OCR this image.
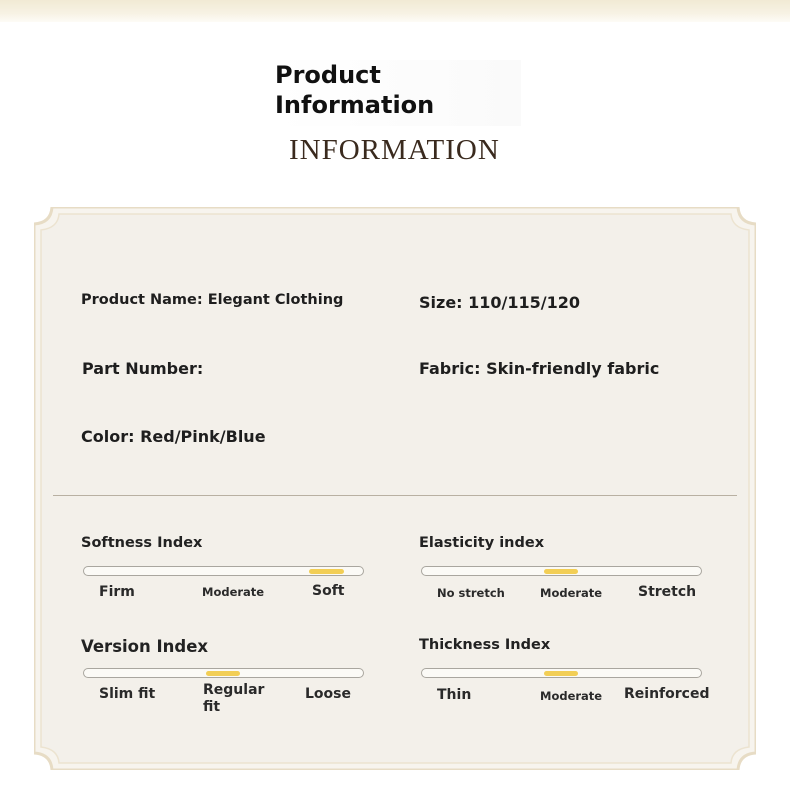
Product
Information
INFORMATION
Product Name: Elegant Clothing	Size: 110/115/120
Part Number:	Fabric: Skin-friendly fabric
Color: Red/Pink/Blue
Softness Index
Firm	Moderate	Soft
Elasticity index
No stretch	Moderate	Stretch
Version Index
Slim fit	Regular fit
Loose
Thickness Index
Thin	Moderate Reinforced
